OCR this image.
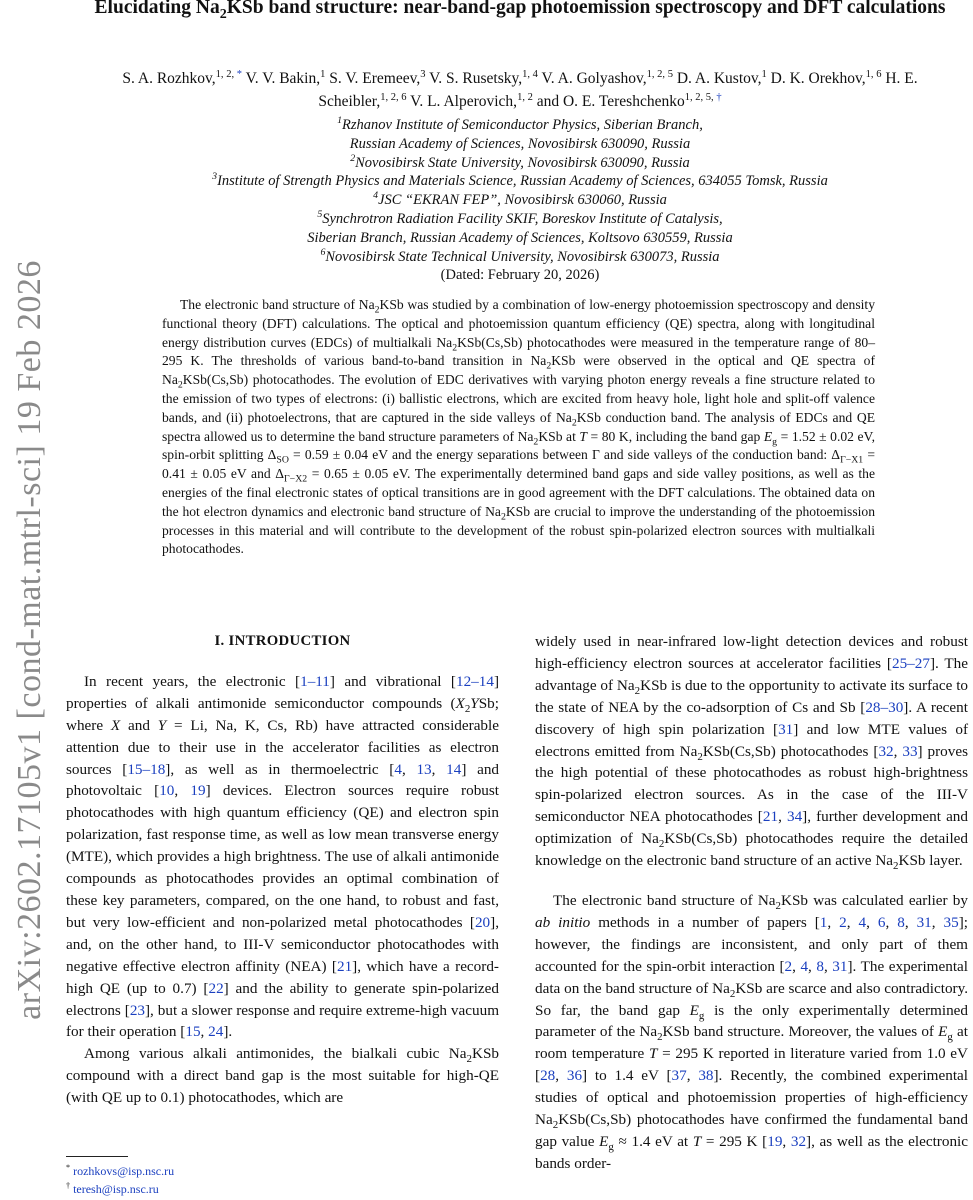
arXiv:2602.17105v1 [cond-mat.mtrl-sci] 19 Feb 2026
Elucidating $Na_2KSb$ band structure: near-band-gap photoemission spectroscopy and DFT calculations
S. A. Rozhkov,$^{1, 2,}$ * V. V. Bakin,$^1$ S. V. Eremeev,$^3$ V. S. Rusetsky,$^{1, 4}$ V. A. Golyashov,$^{1, 2, 5}$ D. A. Kustov,$^1$ D. K. Orekhov,$^{1, 6}$ H. E. Scheibler,$^{1, 2, 6}$ V. L. Alperovich,$^{1, 2}$ and O. E. Tereshchenko$^{1, 2, 5,}$ †
$^1$Rzhanov Institute of Semiconductor Physics, Siberian Branch,
Russian Academy of Sciences, Novosibirsk 630090, Russia
$^2$Novosibirsk State University, Novosibirsk 630090, Russia
$^3$Institute of Strength Physics and Materials Science, Russian Academy of Sciences, 634055 Tomsk, Russia
$^4$JSC “EKRAN FEP”, Novosibirsk 630060, Russia
$^5$Synchrotron Radiation Facility SKIF, Boreskov Institute of Catalysis,
Siberian Branch, Russian Academy of Sciences, Koltsovo 630559, Russia
$^6$Novosibirsk State Technical University, Novosibirsk 630073, Russia
(Dated: February 20, 2026)

The electronic band structure of $Na_2KSb$ was studied by a combination of low-energy photoemission spectroscopy and density functional theory (DFT) calculations. The optical and photoemission quantum efficiency (QE) spectra, along with longitudinal energy distribution curves (EDCs) of multialkali $Na_2KSb(Cs,Sb)$ photocathodes were measured in the temperature range of 80–295 K. The thresholds of various band-to-band transition in $Na_2KSb$ were observed in the optical and QE spectra of $Na_2KSb(Cs,Sb)$ photocathodes. The evolution of EDC derivatives with varying photon energy reveals a fine structure related to the emission of two types of electrons: (i) ballistic electrons, which are excited from heavy hole, light hole and split-off valence bands, and (ii) photoelectrons, that are captured in the side valleys of $Na_2KSb$ conduction band. The analysis of EDCs and QE spectra allowed us to determine the band structure parameters of $Na_2KSb$ at T = 80 K, including the band gap $E_g = 1.52 \pm 0.02$ eV, spin-orbit splitting $\Delta_{SO} = 0.59 \pm 0.04$ eV and the energy separations between Γ and side valleys of the conduction band: $\Delta_{\Gamma-X1} = 0.41 \pm 0.05$ eV and $\Delta_{\Gamma-X2} = 0.65 \pm 0.05$ eV. The experimentally determined band gaps and side valley positions, as well as the energies of the final electronic states of optical transitions are in good agreement with the DFT calculations. The obtained data on the hot electron dynamics and electronic band structure of $Na_2KSb$ are crucial to improve the understanding of the photoemission processes in this material and will contribute to the development of the robust spin-polarized electron sources with multialkali photocathodes.

I. INTRODUCTION

In recent years, the electronic [1–11] and vibrational [12–14] properties of alkali antimonide semiconductor compounds ($X_2YSb$; where X and Y = Li, Na, K, Cs, Rb) have attracted considerable attention due to their use in the accelerator facilities as electron sources [15–18], as well as in thermoelectric [4, 13, 14] and photovoltaic [10, 19] devices. Electron sources require robust photocathodes with high quantum efficiency (QE) and electron spin polarization, fast response time, as well as low mean transverse energy (MTE), which provides a high brightness. The use of alkali antimonide compounds as photocathodes provides an optimal combination of these key parameters, compared, on the one hand, to robust and fast, but very low-efficient and non-polarized metal photocathodes [20], and, on the other hand, to III-V semiconductor photocathodes with negative effective electron affinity (NEA) [21], which have a record-high QE (up to 0.7) [22] and the ability to generate spin-polarized electrons [23], but a slower response and require extreme-high vacuum for their operation [15, 24].

Among various alkali antimonides, the bialkali cubic $Na_2KSb$ compound with a direct band gap is the most suitable for high-QE (with QE up to 0.1) photocathodes, which are

widely used in near-infrared low-light detection devices and robust high-efficiency electron sources at accelerator facilities [25–27]. The advantage of $Na_2KSb$ is due to the opportunity to activate its surface to the state of NEA by the co-adsorption of Cs and Sb [28–30]. A recent discovery of high spin polarization [31] and low MTE values of electrons emitted from $Na_2KSb(Cs,Sb)$ photocathodes [32, 33] proves the high potential of these photocathodes as robust high-brightness spin-polarized electron sources. As in the case of the III-V semiconductor NEA photocathodes [21, 34], further development and optimization of $Na_2KSb(Cs,Sb)$ photocathodes require the detailed knowledge on the electronic band structure of an active $Na_2KSb$ layer.

The electronic band structure of $Na_2KSb$ was calculated earlier by ab initio methods in a number of papers [1, 2, 4, 6, 8, 31, 35]; however, the findings are inconsistent, and only part of them accounted for the spin-orbit interaction [2, 4, 8, 31]. The experimental data on the band structure of $Na_2KSb$ are scarce and also contradictory. So far, the band gap $E_g$ is the only experimentally determined parameter of the $Na_2KSb$ band structure. Moreover, the values of $E_g$ at room temperature T = 295 K reported in literature varied from 1.0 eV [28, 36] to 1.4 eV [37, 38]. Recently, the combined experimental studies of optical and photoemission properties of high-efficiency $Na_2KSb(Cs,Sb)$ photocathodes have confirmed the fundamental band gap value $E_g \approx 1.4$ eV at T = 295 K [19, 32], as well as the electronic bands order-

* rozhkovs@isp.nsc.ru
† teresh@isp.nsc.ru
